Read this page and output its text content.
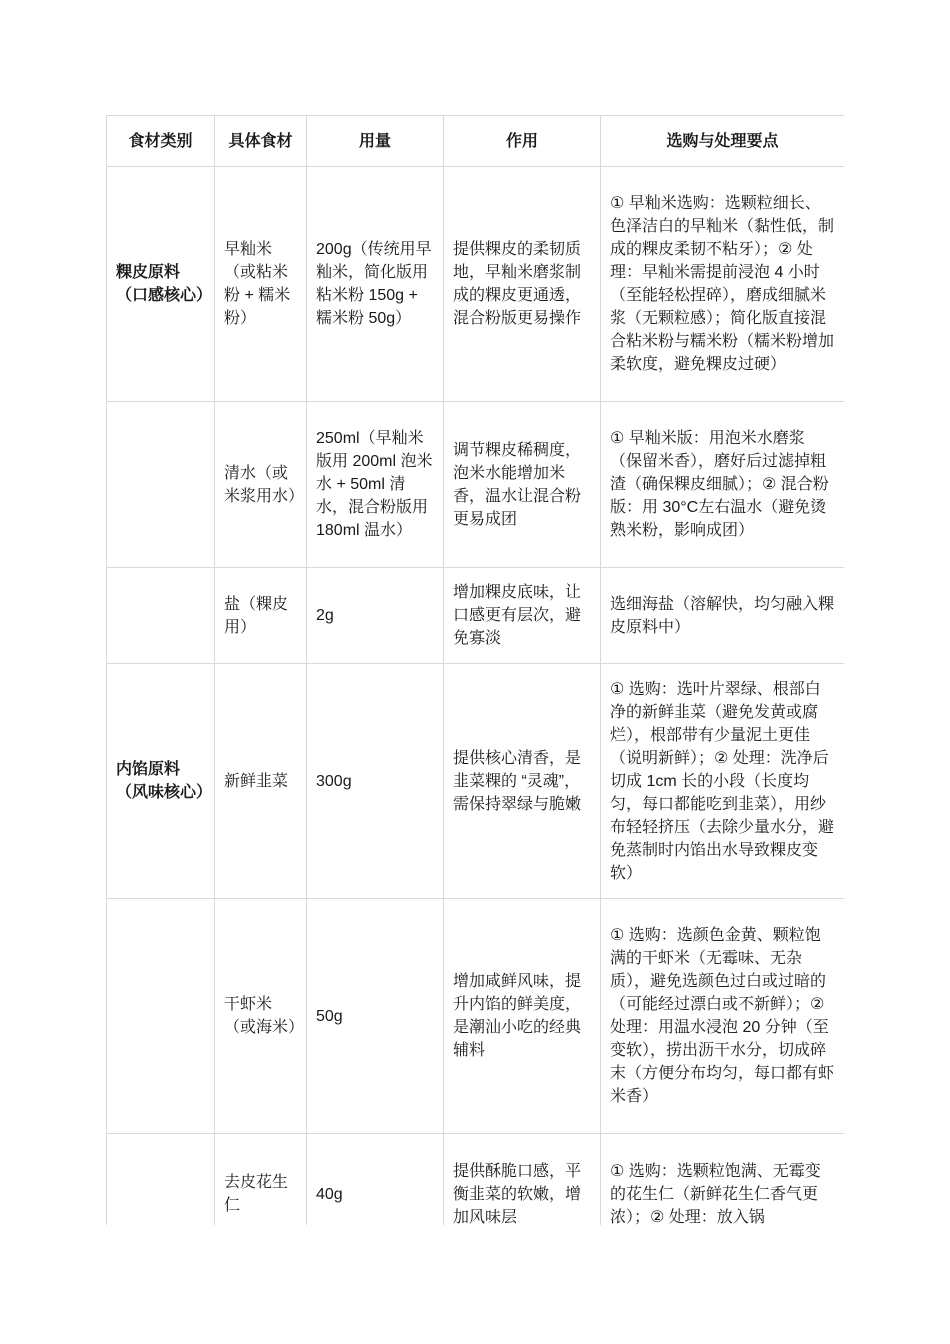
食材类别	具体食材	用量	作用	选购与处理要点
粿皮原料（口感核心）	早籼米（或粘米粉 + 糯米粉）	200g（传统用早籼米，简化版用粘米粉 150g + 糯米粉 50g）	提供粿皮的柔韧质地，早籼米磨浆制成的粿皮更通透，混合粉版更易操作	① 早籼米选购：选颗粒细长、色泽洁白的早籼米（黏性低，制成的粿皮柔韧不粘牙）；② 处理：早籼米需提前浸泡 4 小时（至能轻松捏碎），磨成细腻米浆（无颗粒感）；简化版直接混合粘米粉与糯米粉（糯米粉增加柔软度，避免粿皮过硬）
	清水（或米浆用水）	250ml（早籼米版用 200ml 泡米水 + 50ml 清水，混合粉版用 180ml 温水）	调节粿皮稀稠度，泡米水能增加米香，温水让混合粉更易成团	① 早籼米版：用泡米水磨浆（保留米香），磨好后过滤掉粗渣（确保粿皮细腻）；② 混合粉版：用 30°C左右温水（避免烫熟米粉，影响成团）
	盐（粿皮用）	2g	增加粿皮底味，让口感更有层次，避免寡淡	选细海盐（溶解快，均匀融入粿皮原料中）
内馅原料（风味核心）	新鲜韭菜	300g	提供核心清香，是韭菜粿的 “灵魂”，需保持翠绿与脆嫩	① 选购：选叶片翠绿、根部白净的新鲜韭菜（避免发黄或腐烂），根部带有少量泥土更佳（说明新鲜）；② 处理：洗净后切成 1cm 长的小段（长度均匀，每口都能吃到韭菜），用纱布轻轻挤压（去除少量水分，避免蒸制时内馅出水导致粿皮变软）
	干虾米（或海米）	50g	增加咸鲜风味，提升内馅的鲜美度，是潮汕小吃的经典辅料	① 选购：选颜色金黄、颗粒饱满的干虾米（无霉味、无杂质），避免选颜色过白或过暗的（可能经过漂白或不新鲜）；② 处理：用温水浸泡 20 分钟（至变软），捞出沥干水分，切成碎末（方便分布均匀，每口都有虾米香）
	去皮花生仁	40g	提供酥脆口感，平衡韭菜的软嫩，增加风味层	① 选购：选颗粒饱满、无霉变的花生仁（新鲜花生仁香气更浓）；② 处理：放入锅
